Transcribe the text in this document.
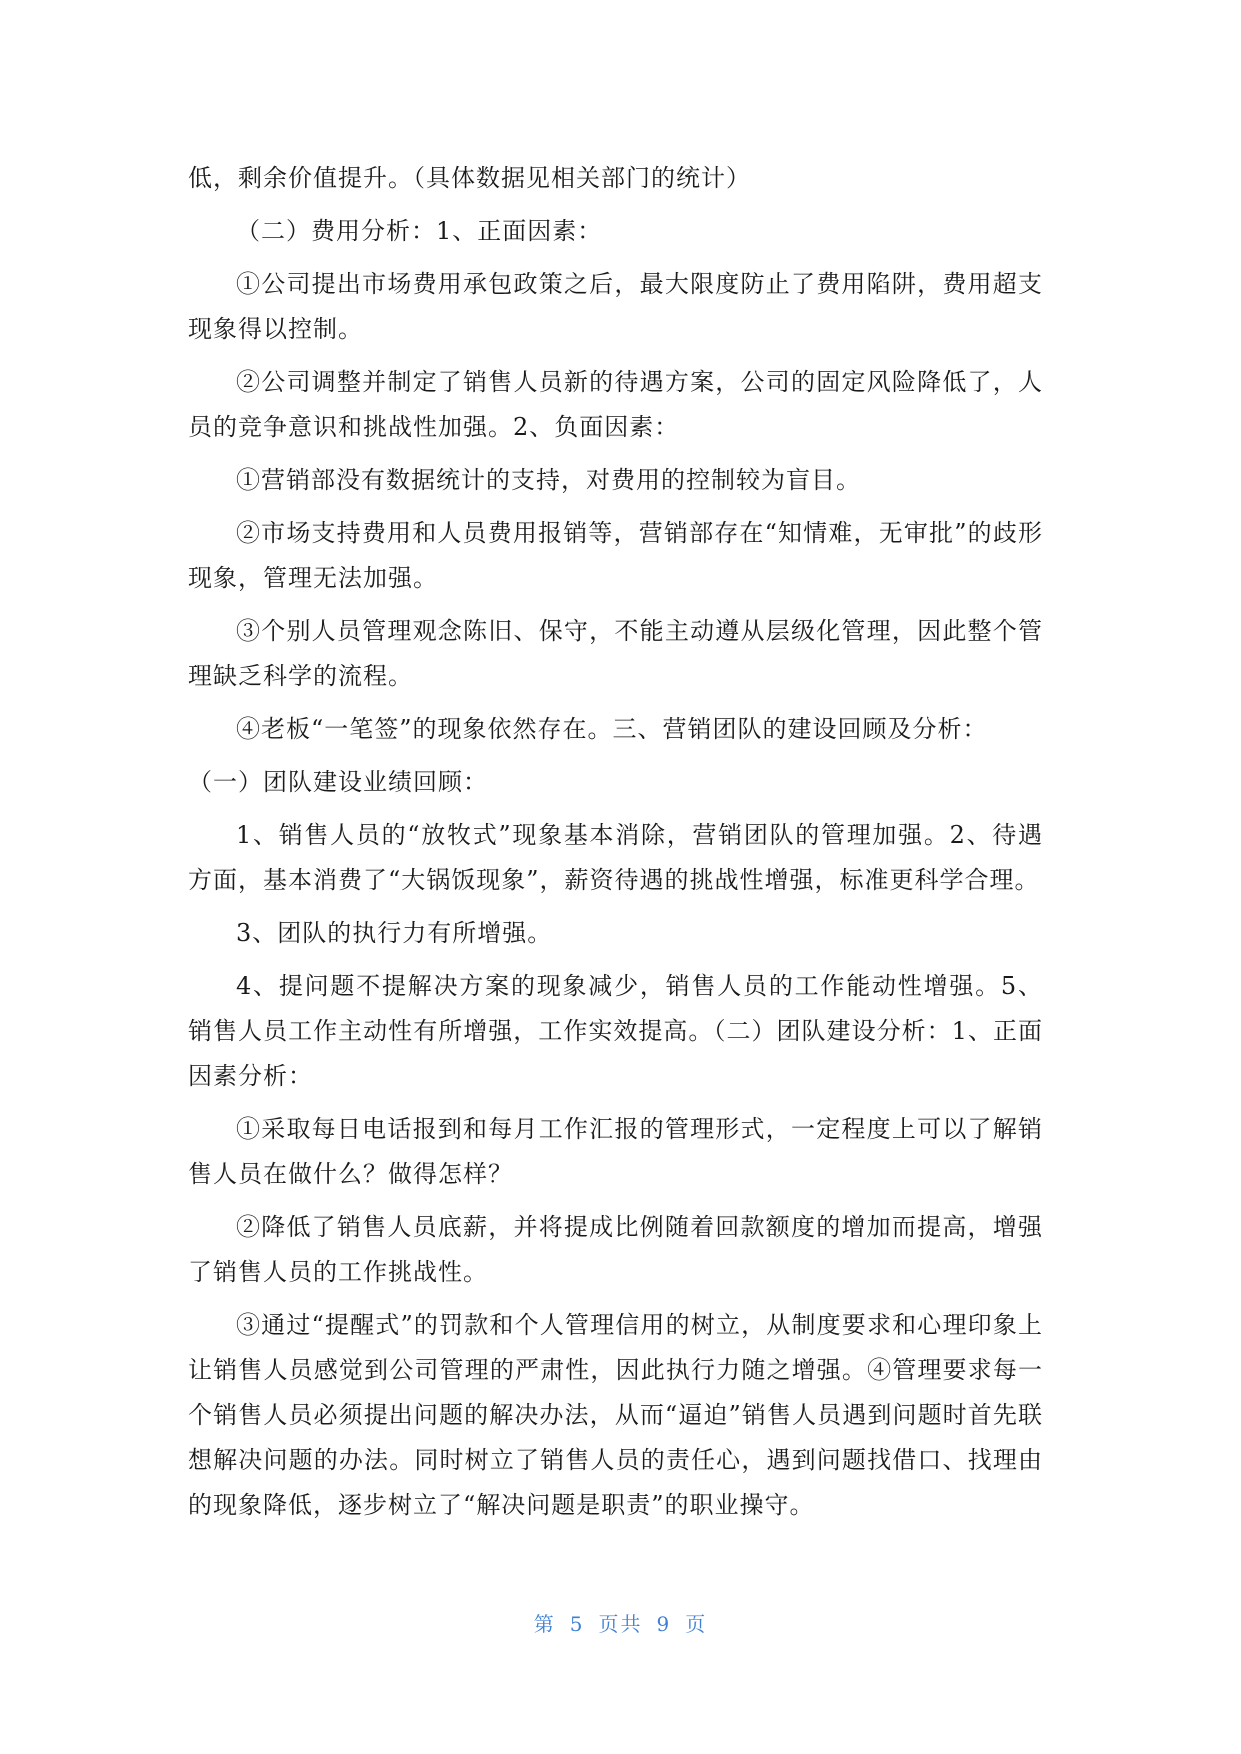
低，剩余价值提升。（具体数据见相关部门的统计）

（二）费用分析：1、正面因素：

①公司提出市场费用承包政策之后，最大限度防止了费用陷阱，费用超支现象得以控制。

②公司调整并制定了销售人员新的待遇方案，公司的固定风险降低了，人员的竞争意识和挑战性加强。2、负面因素：

①营销部没有数据统计的支持，对费用的控制较为盲目。

②市场支持费用和人员费用报销等，营销部存在“知情难，无审批”的歧形现象，管理无法加强。

③个别人员管理观念陈旧、保守，不能主动遵从层级化管理，因此整个管理缺乏科学的流程。

④老板“一笔签”的现象依然存在。三、营销团队的建设回顾及分析：

（一）团队建设业绩回顾：

1、销售人员的“放牧式”现象基本消除，营销团队的管理加强。2、待遇方面，基本消费了“大锅饭现象”，薪资待遇的挑战性增强，标准更科学合理。

3、团队的执行力有所增强。

4、提问题不提解决方案的现象减少，销售人员的工作能动性增强。5、销售人员工作主动性有所增强，工作实效提高。（二）团队建设分析：1、正面因素分析：

①采取每日电话报到和每月工作汇报的管理形式，一定程度上可以了解销售人员在做什么？做得怎样？

②降低了销售人员底薪，并将提成比例随着回款额度的增加而提高，增强了销售人员的工作挑战性。

③通过“提醒式”的罚款和个人管理信用的树立，从制度要求和心理印象上让销售人员感觉到公司管理的严肃性，因此执行力随之增强。④管理要求每一个销售人员必须提出问题的解决办法，从而“逼迫”销售人员遇到问题时首先联想解决问题的办法。同时树立了销售人员的责任心，遇到问题找借口、找理由的现象降低，逐步树立了“解决问题是职责”的职业操守。

第 5 页共 9 页
